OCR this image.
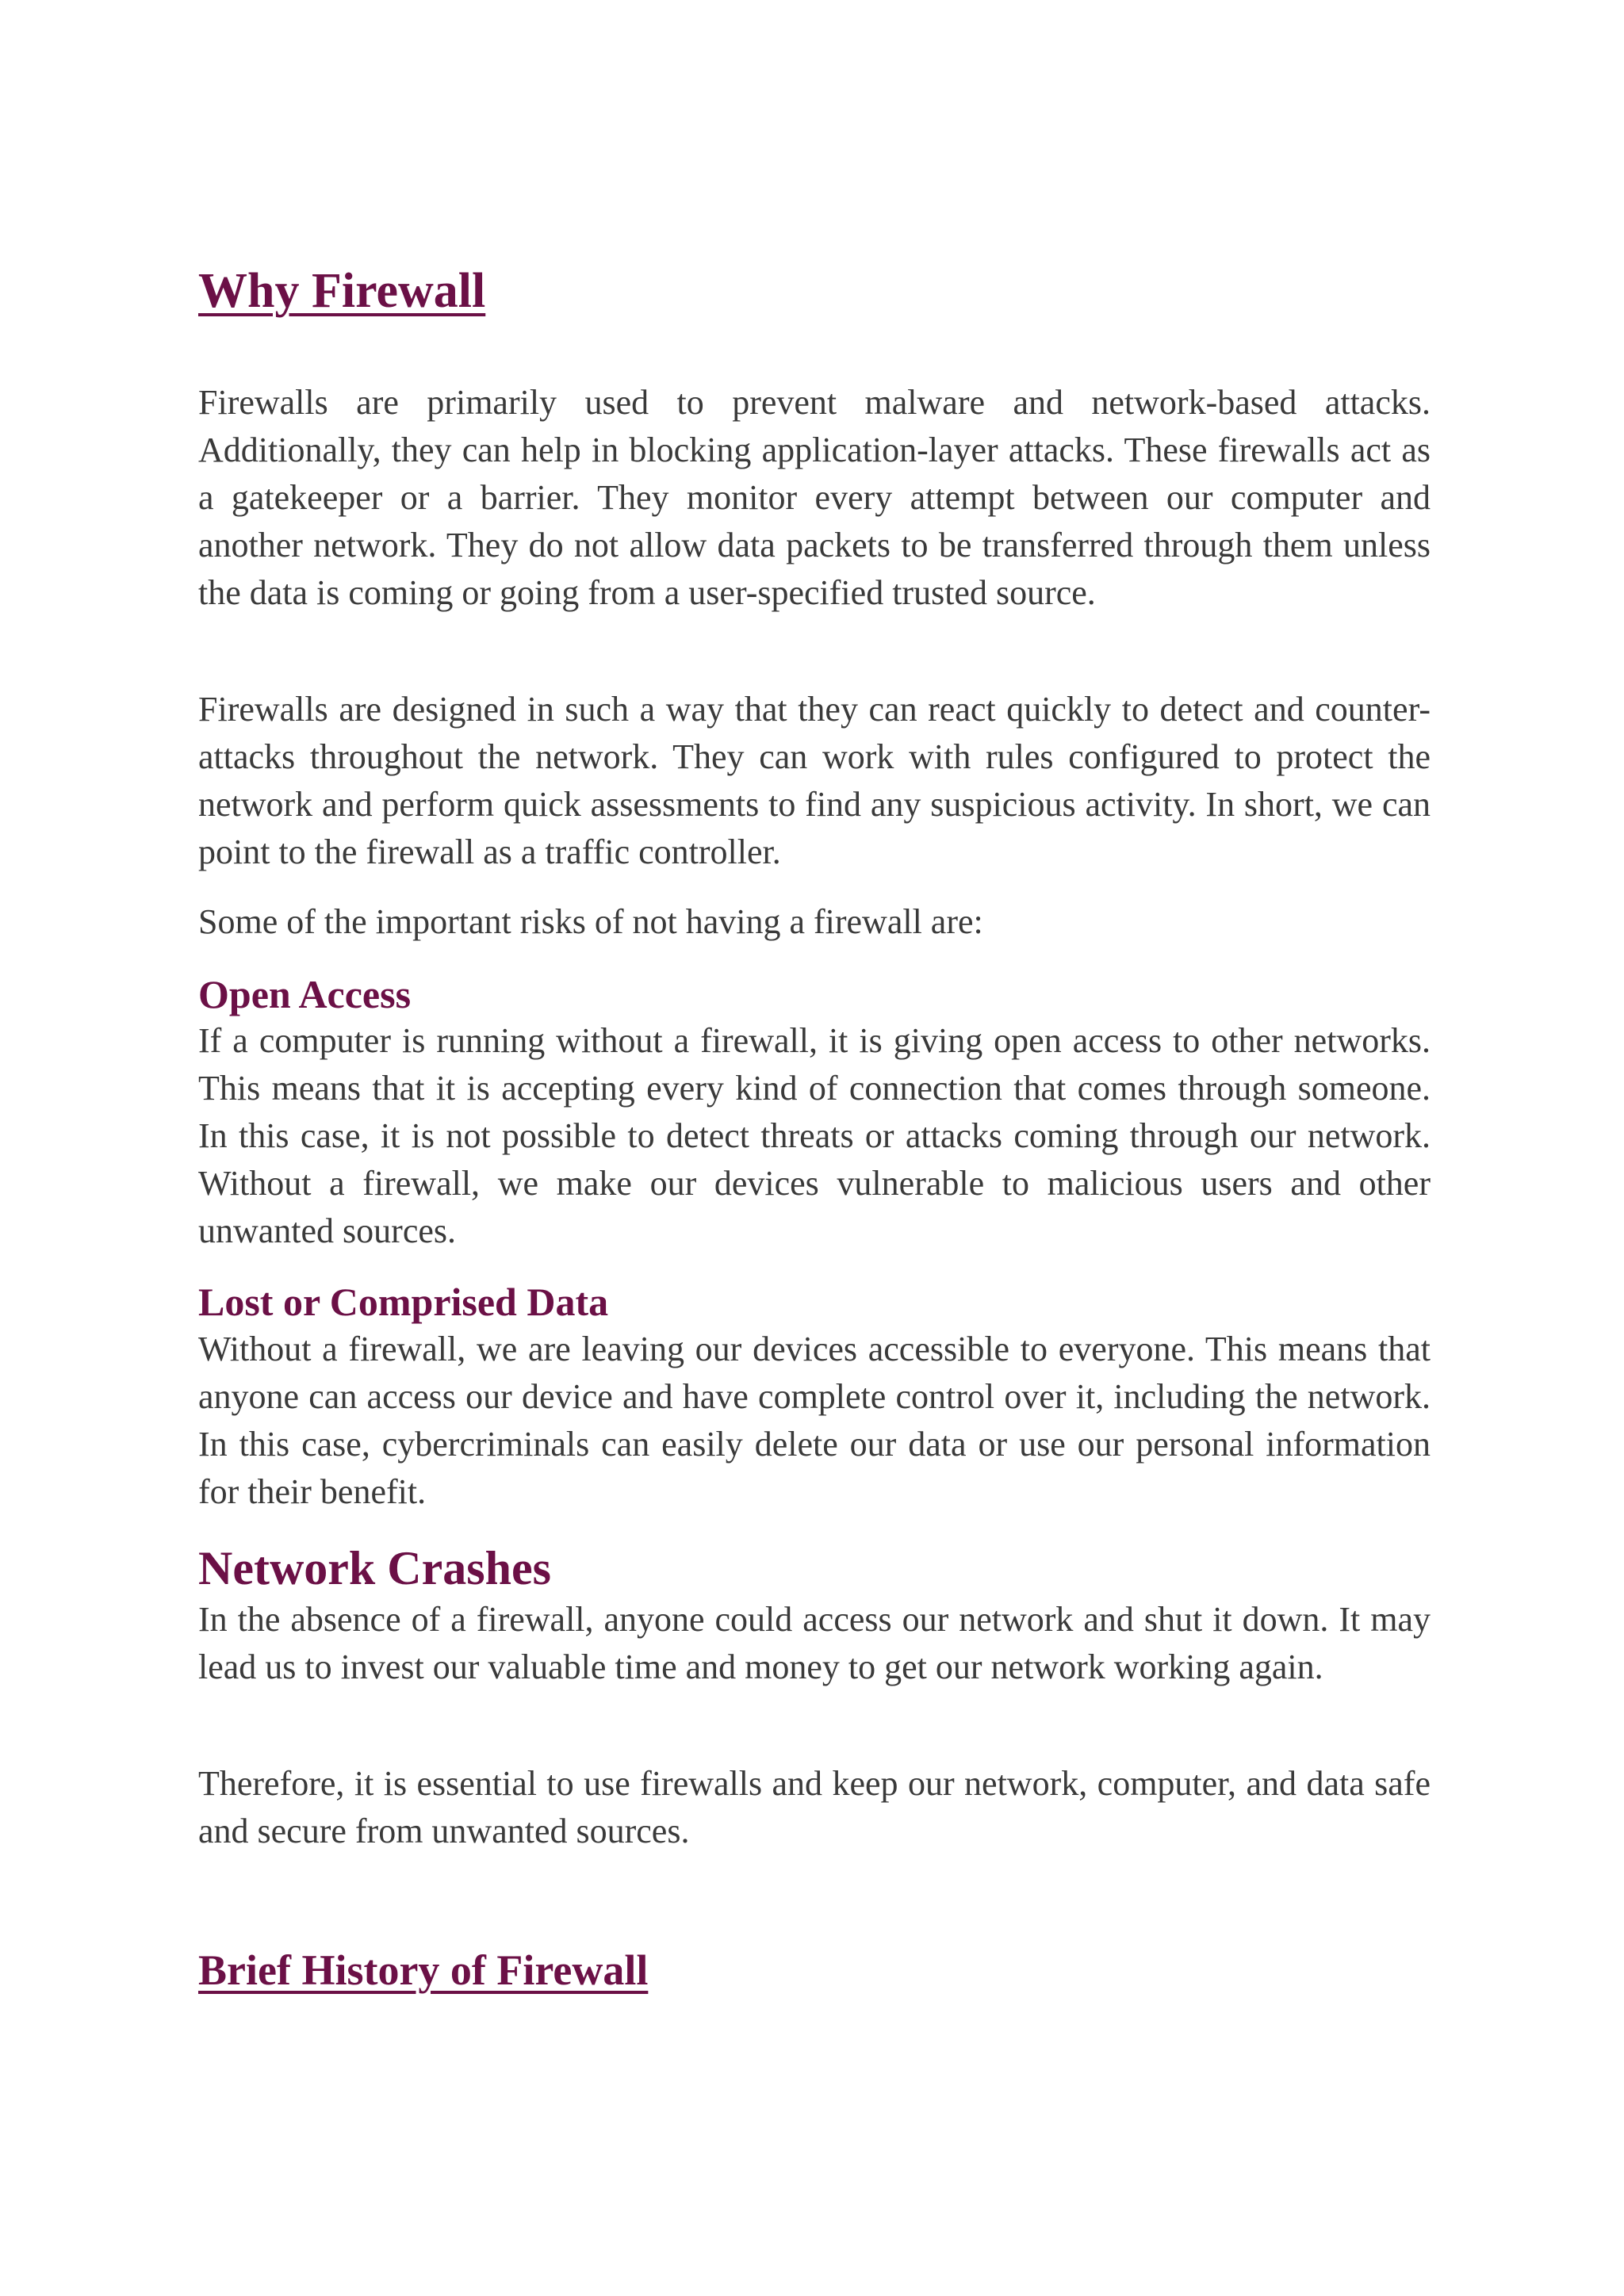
Why Firewall

Firewalls are primarily used to prevent malware and network-based attacks. Additionally, they can help in blocking application-layer attacks. These firewalls act as a gatekeeper or a barrier. They monitor every attempt between our computer and another network. They do not allow data packets to be transferred through them unless the data is coming or going from a user-specified trusted source.

Firewalls are designed in such a way that they can react quickly to detect and counter-attacks throughout the network. They can work with rules configured to protect the network and perform quick assessments to find any suspicious activity. In short, we can point to the firewall as a traffic controller.

Some of the important risks of not having a firewall are:

Open Access

If a computer is running without a firewall, it is giving open access to other networks. This means that it is accepting every kind of connection that comes through someone. In this case, it is not possible to detect threats or attacks coming through our network. Without a firewall, we make our devices vulnerable to malicious users and other unwanted sources.

Lost or Comprised Data

Without a firewall, we are leaving our devices accessible to everyone. This means that anyone can access our device and have complete control over it, including the network. In this case, cybercriminals can easily delete our data or use our personal information for their benefit.

Network Crashes

In the absence of a firewall, anyone could access our network and shut it down. It may lead us to invest our valuable time and money to get our network working again.

Therefore, it is essential to use firewalls and keep our network, computer, and data safe and secure from unwanted sources.

Brief History of Firewall
